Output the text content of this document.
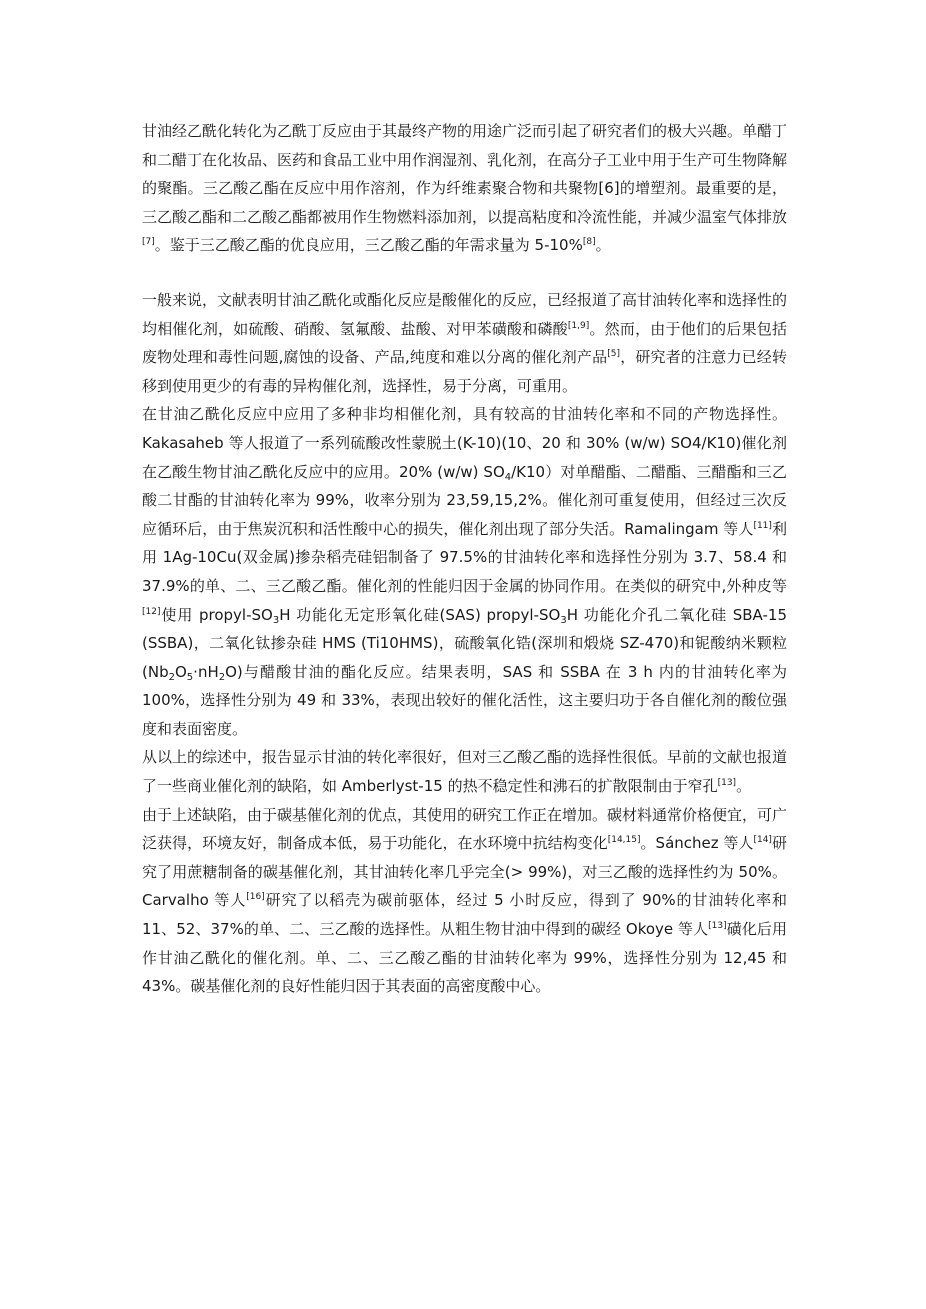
甘油经乙酰化转化为乙酰丁反应由于其最终产物的用途广泛而引起了研究者们的极大兴趣。单醋丁和二醋丁在化妆品、医药和食品工业中用作润湿剂、乳化剂，在高分子工业中用于生产可生物降解的聚酯。三乙酸乙酯在反应中用作溶剂，作为纤维素聚合物和共聚物[6]的增塑剂。最重要的是，三乙酸乙酯和二乙酸乙酯都被用作生物燃料添加剂，以提高粘度和冷流性能，并减少温室气体排放[7]。鉴于三乙酸乙酯的优良应用，三乙酸乙酯的年需求量为 5-10%[8]。

一般来说，文献表明甘油乙酰化或酯化反应是酸催化的反应，已经报道了高甘油转化率和选择性的均相催化剂，如硫酸、硝酸、氢氟酸、盐酸、对甲苯磺酸和磷酸[1,9]。然而，由于他们的后果包括废物处理和毒性问题,腐蚀的设备、产品,纯度和难以分离的催化剂产品[5]，研究者的注意力已经转移到使用更少的有毒的异构催化剂，选择性，易于分离，可重用。

在甘油乙酰化反应中应用了多种非均相催化剂，具有较高的甘油转化率和不同的产物选择性。Kakasaheb 等人报道了一系列硫酸改性蒙脱土(K-10)(10、20 和 30% (w/w) SO4/K10)催化剂在乙酸生物甘油乙酰化反应中的应用。20% (w/w) $SO_4/K10$）对单醋酯、二醋酯、三醋酯和三乙酸二甘酯的甘油转化率为 99%，收率分别为 23,59,15,2%。催化剂可重复使用，但经过三次反应循环后，由于焦炭沉积和活性酸中心的损失，催化剂出现了部分失活。Ramalingam 等人[11]利用 1Ag-10Cu(双金属)掺杂稻壳硅铝制备了 97.5%的甘油转化率和选择性分别为 3.7、58.4 和 37.9%的单、二、三乙酸乙酯。催化剂的性能归因于金属的协同作用。在类似的研究中,外种皮等[12]使用 propyl-$SO_3H$ 功能化无定形氧化硅(SAS) propyl-$SO_3H$ 功能化介孔二氧化硅 SBA-15 (SSBA)，二氧化钛掺杂硅 HMS (Ti10HMS)，硫酸氧化锆(深圳和煅烧 SZ-470)和铌酸纳米颗粒$(Nb_2O_5\cdot nH_2O)$与醋酸甘油的酯化反应。结果表明，SAS 和 SSBA 在 3 h 内的甘油转化率为 100%，选择性分别为 49 和 33%，表现出较好的催化活性，这主要归功于各自催化剂的酸位强度和表面密度。

从以上的综述中，报告显示甘油的转化率很好，但对三乙酸乙酯的选择性很低。早前的文献也报道了一些商业催化剂的缺陷，如 Amberlyst-15 的热不稳定性和沸石的扩散限制由于窄孔[13]。

由于上述缺陷，由于碳基催化剂的优点，其使用的研究工作正在增加。碳材料通常价格便宜，可广泛获得，环境友好，制备成本低，易于功能化，在水环境中抗结构变化[14,15]。Sánchez 等人[14]研究了用蔗糖制备的碳基催化剂，其甘油转化率几乎完全(> 99%)，对三乙酸的选择性约为 50%。Carvalho 等人[16]研究了以稻壳为碳前驱体，经过 5 小时反应，得到了 90%的甘油转化率和 11、52、37%的单、二、三乙酸的选择性。从粗生物甘油中得到的碳经 Okoye 等人[13]磺化后用作甘油乙酰化的催化剂。单、二、三乙酸乙酯的甘油转化率为 99%，选择性分别为 12,45 和 43%。碳基催化剂的良好性能归因于其表面的高密度酸中心。
